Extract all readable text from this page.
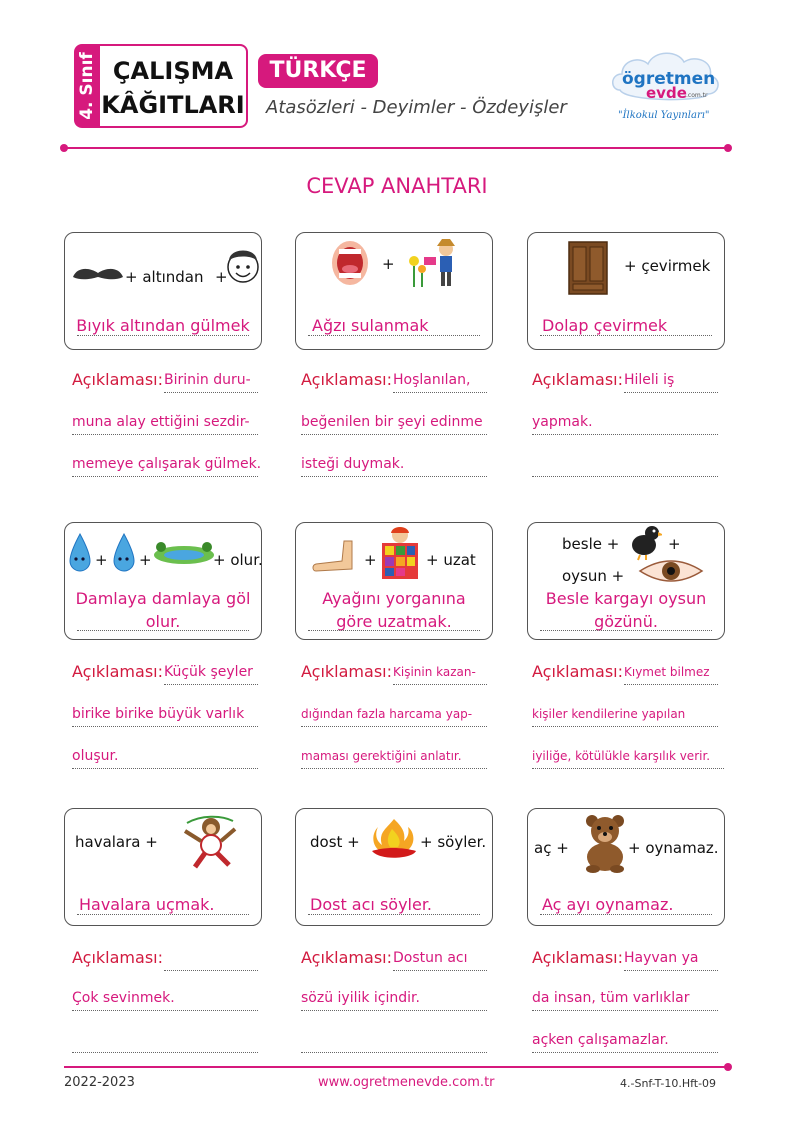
4. Sınıf ÇALIŞMA
KÂĞITLARI
TÜRKÇE
Atasözleri - Deyimler - Özdeyişler
ögretmen
evde .com.tr
"İlkokul Yayınları"
CEVAP ANAHTARI
+ altından +
Bıyık altından gülmek
+
Ağzı sulanmak
+ çevirmek
Dolap çevirmek
Açıklaması: Birinin duru-
muna alay ettiğini sezdir-
memeye çalışarak gülmek.
Açıklaması: Hoşlanılan,
beğenilen bir şeyi edinme
isteği duymak.
Açıklaması: Hileli iş
yapmak.
+ +	+ olur.
Damlaya damlaya göl olur.
+	+ uzat
Ayağını yorganına göre uzatmak.
besle +	+
oysun +
Besle kargayı oysun gözünü.
Açıklaması: Küçük şeyler
birike birike büyük varlık
oluşur.
Açıklaması: Kişinin kazan-
dığından fazla harcama yap-
maması gerektiğini anlatır.
Açıklaması: Kıymet bilmez
kişiler kendilerine yapılan
iyiliğe, kötülükle karşılık verir.
havalara +
Havalara uçmak.
dost +	+ söyler.
Dost acı söyler.
aç +	+ oynamaz.
Aç ayı oynamaz.
Açıklaması:
Çok sevinmek.
Açıklaması: Dostun acı
sözü iyilik içindir.
Açıklaması: Hayvan ya
da insan, tüm varlıklar
açken çalışamazlar.
2022-2023	www.ogretmenevde.com.tr	4.-Snf-T-10.Hft-09
